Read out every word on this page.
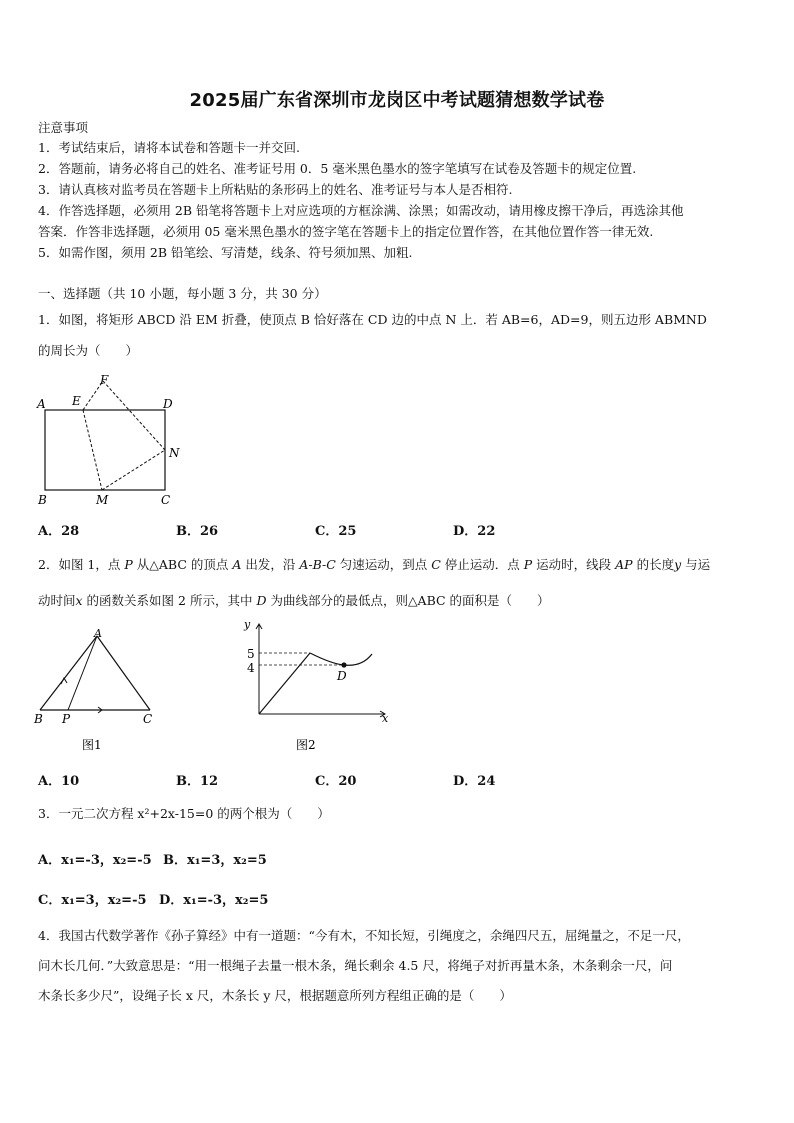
2025届广东省深圳市龙岗区中考试题猜想数学试卷
注意事项
1．考试结束后，请将本试卷和答题卡一并交回.
2．答题前，请务必将自己的姓名、准考证号用 0．5 毫米黑色墨水的签字笔填写在试卷及答题卡的规定位置.
3．请认真核对监考员在答题卡上所粘贴的条形码上的姓名、准考证号与本人是否相符.
4．作答选择题，必须用 2B 铅笔将答题卡上对应选项的方框涂满、涂黑；如需改动，请用橡皮擦干净后，再选涂其他
答案．作答非选择题，必须用 05 毫米黑色墨水的签字笔在答题卡上的指定位置作答，在其他位置作答一律无效.
5．如需作图，须用 2B 铅笔绘、写清楚，线条、符号须加黑、加粗.
一、选择题（共 10 小题，每小题 3 分，共 30 分）
1．如图，将矩形 ABCD 沿 EM 折叠，使顶点 B 恰好落在 CD 边的中点 N 上．若 AB=6，AD=9，则五边形 ABMND
的周长为（　　）
A E
F
D
N
B	M	C
A．28	B．26	C．25	D．22
2．如图 1，点 P 从△ABC 的顶点 A 出发，沿 A-B-C 匀速运动，到点 C 停止运动．点 P 运动时，线段 AP 的长度y 与运
动时间x 的函数关系如图 2 所示，其中 D 为曲线部分的最低点，则△ABC 的面积是（　　）
A
B P	C
图1
y
x
5
4
D
图2
A．10	B．12	C．20	D．24
3．一元二次方程 x²+2x-15=0 的两个根为（　　）
A．x₁=-3，x₂=-5 B．x₁=3，x₂=5
C．x₁=3，x₂=-5 D．x₁=-3，x₂=5
4．我国古代数学著作《孙子算经》中有一道题：“今有木，不知长短，引绳度之，余绳四尺五，屈绳量之，不足一尺，
问木长几何．”大致意思是：“用一根绳子去量一根木条，绳长剩余 4.5 尺，将绳子对折再量木条，木条剩余一尺，问
木条长多少尺”，设绳子长 x 尺，木条长 y 尺，根据题意所列方程组正确的是（　　）
